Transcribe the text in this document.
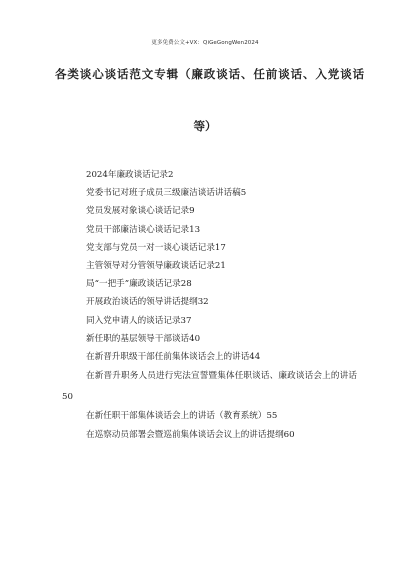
更多免费公文+VX：QiGeGongWen2024
各类谈心谈话范文专辑（廉政谈话、任前谈话、入党谈话
等）
2024年廉政谈话记录2
党委书记对班子成员三级廉洁谈话讲话稿5
党员发展对象谈心谈话记录9
党员干部廉洁谈心谈话记录13
党支部与党员一对一谈心谈话记录17
主管领导对分管领导廉政谈话记录21
局“一把手”廉政谈话记录28
开展政治谈话的领导讲话提纲32
同入党申请人的谈话记录37
新任职的基层领导干部谈话40
在新晋升职级干部任前集体谈话会上的讲话44
在新晋升职务人员进行宪法宣誓暨集体任职谈话、廉政谈话会上的讲话50
在新任职干部集体谈话会上的讲话（教育系统）55
在巡察动员部署会暨巡前集体谈话会议上的讲话提纲60
